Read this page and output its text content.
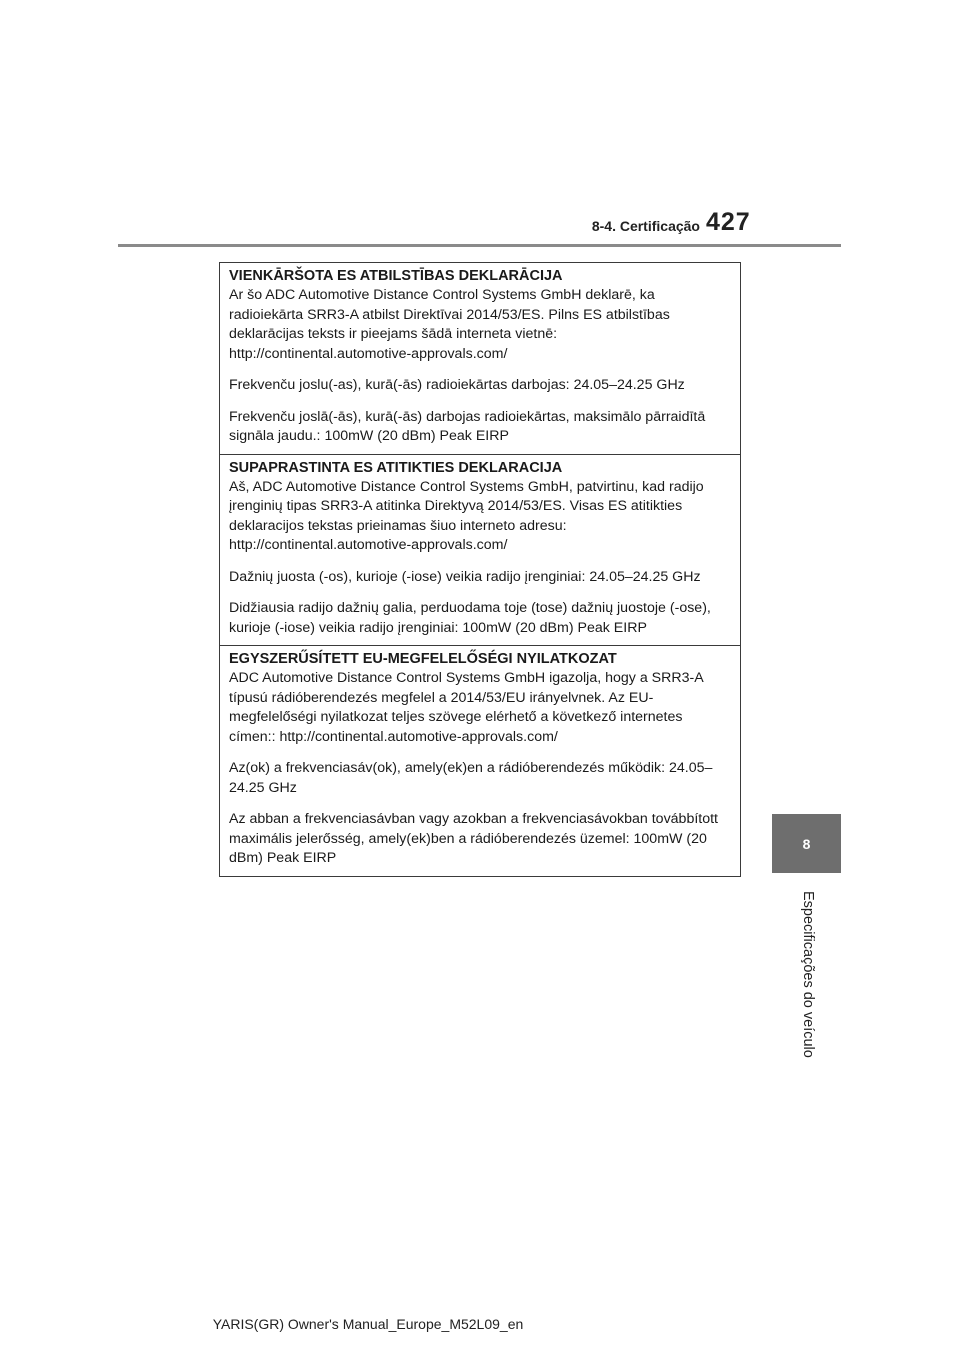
8-4. Certificação 427
8
Especificações do veículo

VIENKĀRŠOTA ES ATBILSTĪBAS DEKLARĀCIJA

Ar šo ADC Automotive Distance Control Systems GmbH deklarē, ka radioiekārta SRR3-A atbilst Direktīvai 2014/53/ES. Pilns ES atbilstības deklarācijas teksts ir pieejams šādā interneta vietnē: http://continental.automotive-approvals.com/

Frekvenču joslu(-as), kurā(-ās) radioiekārtas darbojas: 24.05–24.25 GHz

Frekvenču joslā(-ās), kurā(-ās) darbojas radioiekārtas, maksimālo pārraidītā signāla jaudu.: 100mW (20 dBm) Peak EIRP

SUPAPRASTINTA ES ATITIKTIES DEKLARACIJA

Aš, ADC Automotive Distance Control Systems GmbH, patvirtinu, kad radijo įrenginių tipas SRR3-A atitinka Direktyvą 2014/53/ES. Visas ES atitikties deklaracijos tekstas prieinamas šiuo interneto adresu: http://continental.automotive-approvals.com/

Dažnių juosta (-os), kurioje (-iose) veikia radijo įrenginiai: 24.05–24.25 GHz

Didžiausia radijo dažnių galia, perduodama toje (tose) dažnių juostoje (-ose), kurioje (-iose) veikia radijo įrenginiai: 100mW (20 dBm) Peak EIRP

EGYSZERŰSÍTETT EU-MEGFELELŐSÉGI NYILATKOZAT

ADC Automotive Distance Control Systems GmbH igazolja, hogy a SRR3-A típusú rádióberendezés megfelel a 2014/53/EU irányelvnek. Az EU-megfelelőségi nyilatkozat teljes szövege elérhető a következő internetes címen:: http://continental.automotive-approvals.com/

Az(ok) a frekvenciasáv(ok), amely(ek)en a rádióberendezés működik: 24.05–24.25 GHz

Az abban a frekvenciasávban vagy azokban a frekvenciasávokban továbbított maximális jelerősség, amely(ek)ben a rádióberendezés üzemel: 100mW (20 dBm) Peak EIRP

YARIS(GR) Owner's Manual_Europe_M52L09_en
